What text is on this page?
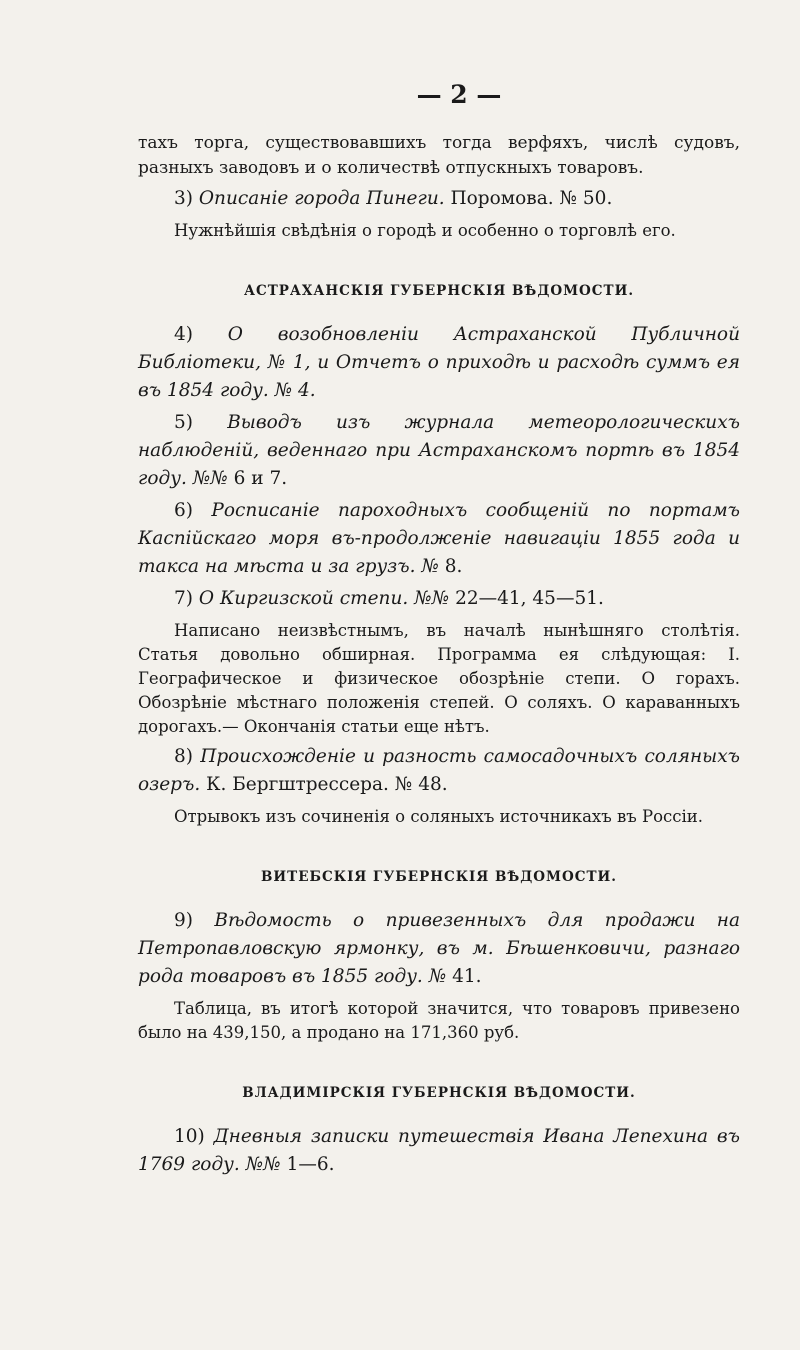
— 2 —

тахъ торга, существовавшихъ тогда верфяхъ, числѣ судовъ, разныхъ заводовъ и о количествѣ отпускныхъ товаровъ.

3) Описанiе города Пинеги. Поромова. № 50.

Нужнѣйшiя свѣдѣнiя о городѣ и особенно о торговлѣ его.

АСТРАХАНСКIЯ ГУБЕРНСКIЯ ВѢДОМОСТИ.

4) О возобновленiи Астраханской Публичной Библiотеки, № 1, и Отчетъ о приходѣ и расходѣ суммъ ея въ 1854 году. № 4.

5) Выводъ изъ журнала метеорологическихъ наблюденiй, веденнаго при Астраханскомъ портѣ въ 1854 году. №№ 6 и 7.

6) Росписанiе пароходныхъ сообщенiй по портамъ Каспiйскаго моря въ-продолженiе навигацiи 1855 года и такса на мѣста и за грузъ. № 8.

7) О Киргизской степи. №№ 22—41, 45—51.

Написано неизвѣстнымъ, въ началѣ нынѣшняго столѣтiя. Статья довольно обширная. Программа ея слѣдующая: I. Географическое и физическое обозрѣнiе степи. О горахъ. Обозрѣнiе мѣстнаго положенiя степей. О соляхъ. О караванныхъ дорогахъ.— Окончанiя статьи еще нѣтъ.

8) Происхожденiе и разность самосадочныхъ соляныхъ озеръ. К. Бергштрессера. № 48.

Отрывокъ изъ сочиненiя о соляныхъ источникахъ въ Россiи.

ВИТЕБСКIЯ ГУБЕРНСКIЯ ВѢДОМОСТИ.

9) Вѣдомость о привезенныхъ для продажи на Петропавловскую ярмонку, въ м. Бѣшенковичи, разнаго рода товаровъ въ 1855 году. № 41.

Таблица, въ итогѣ которой значится, что товаровъ привезено было на 439,150, а продано на 171,360 руб.

ВЛАДИМIРСКIЯ ГУБЕРНСКIЯ ВѢДОМОСТИ.

10) Дневныя записки путешествiя Ивана Лепехина въ 1769 году. №№ 1—6.
